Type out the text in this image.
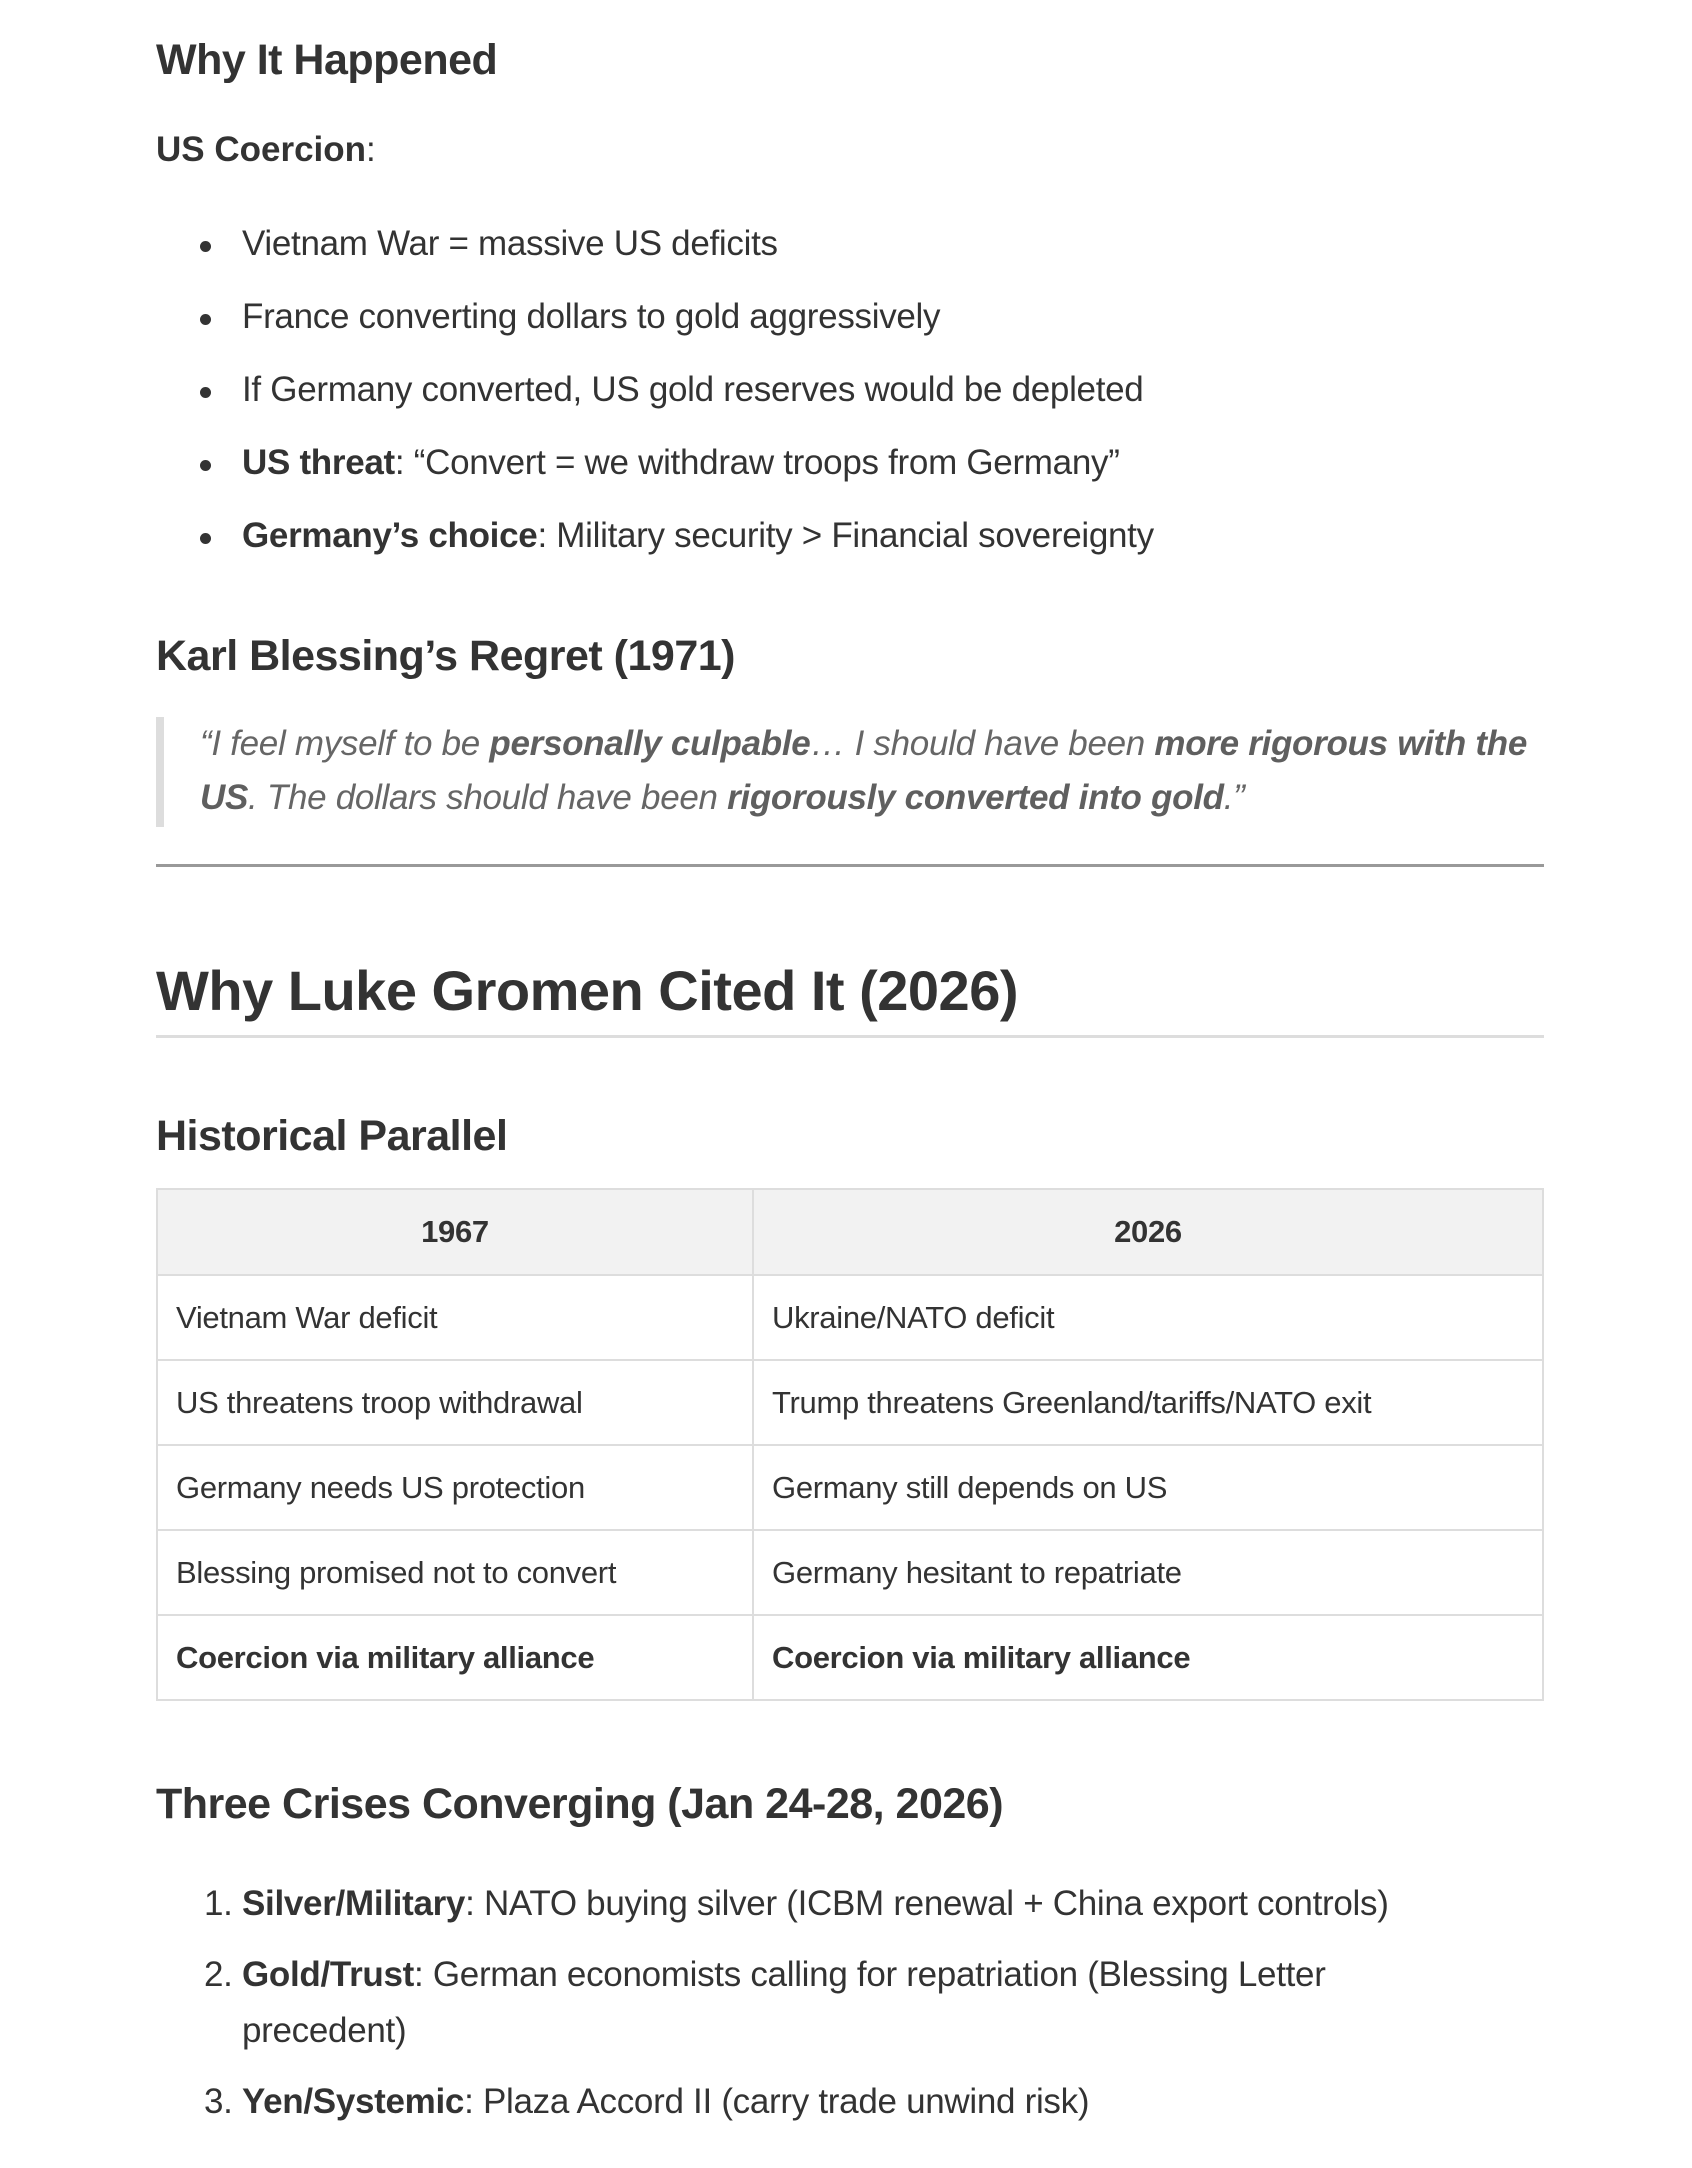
Why It Happened

US Coercion:

Vietnam War = massive US deficits
France converting dollars to gold aggressively
If Germany converted, US gold reserves would be depleted
US threat: “Convert = we withdraw troops from Germany”
Germany’s choice: Military security > Financial sovereignty
Karl Blessing’s Regret (1971)
“I feel myself to be personally culpable… I should have been more rigorous with the US. The dollars should have been rigorously converted into gold.”
Why Luke Gromen Cited It (2026)
Historical Parallel
1967	2026
Vietnam War deficit	Ukraine/NATO deficit
US threatens troop withdrawal	Trump threatens Greenland/tariffs/NATO exit
Germany needs US protection	Germany still depends on US
Blessing promised not to convert	Germany hesitant to repatriate
Coercion via military alliance	Coercion via military alliance
Three Crises Converging (Jan 24-28, 2026)
1. Silver/Military: NATO buying silver (ICBM renewal + China export controls)
2. Gold/Trust: German economists calling for repatriation (Blessing Letter precedent)
3. Yen/Systemic: Plaza Accord II (carry trade unwind risk)
